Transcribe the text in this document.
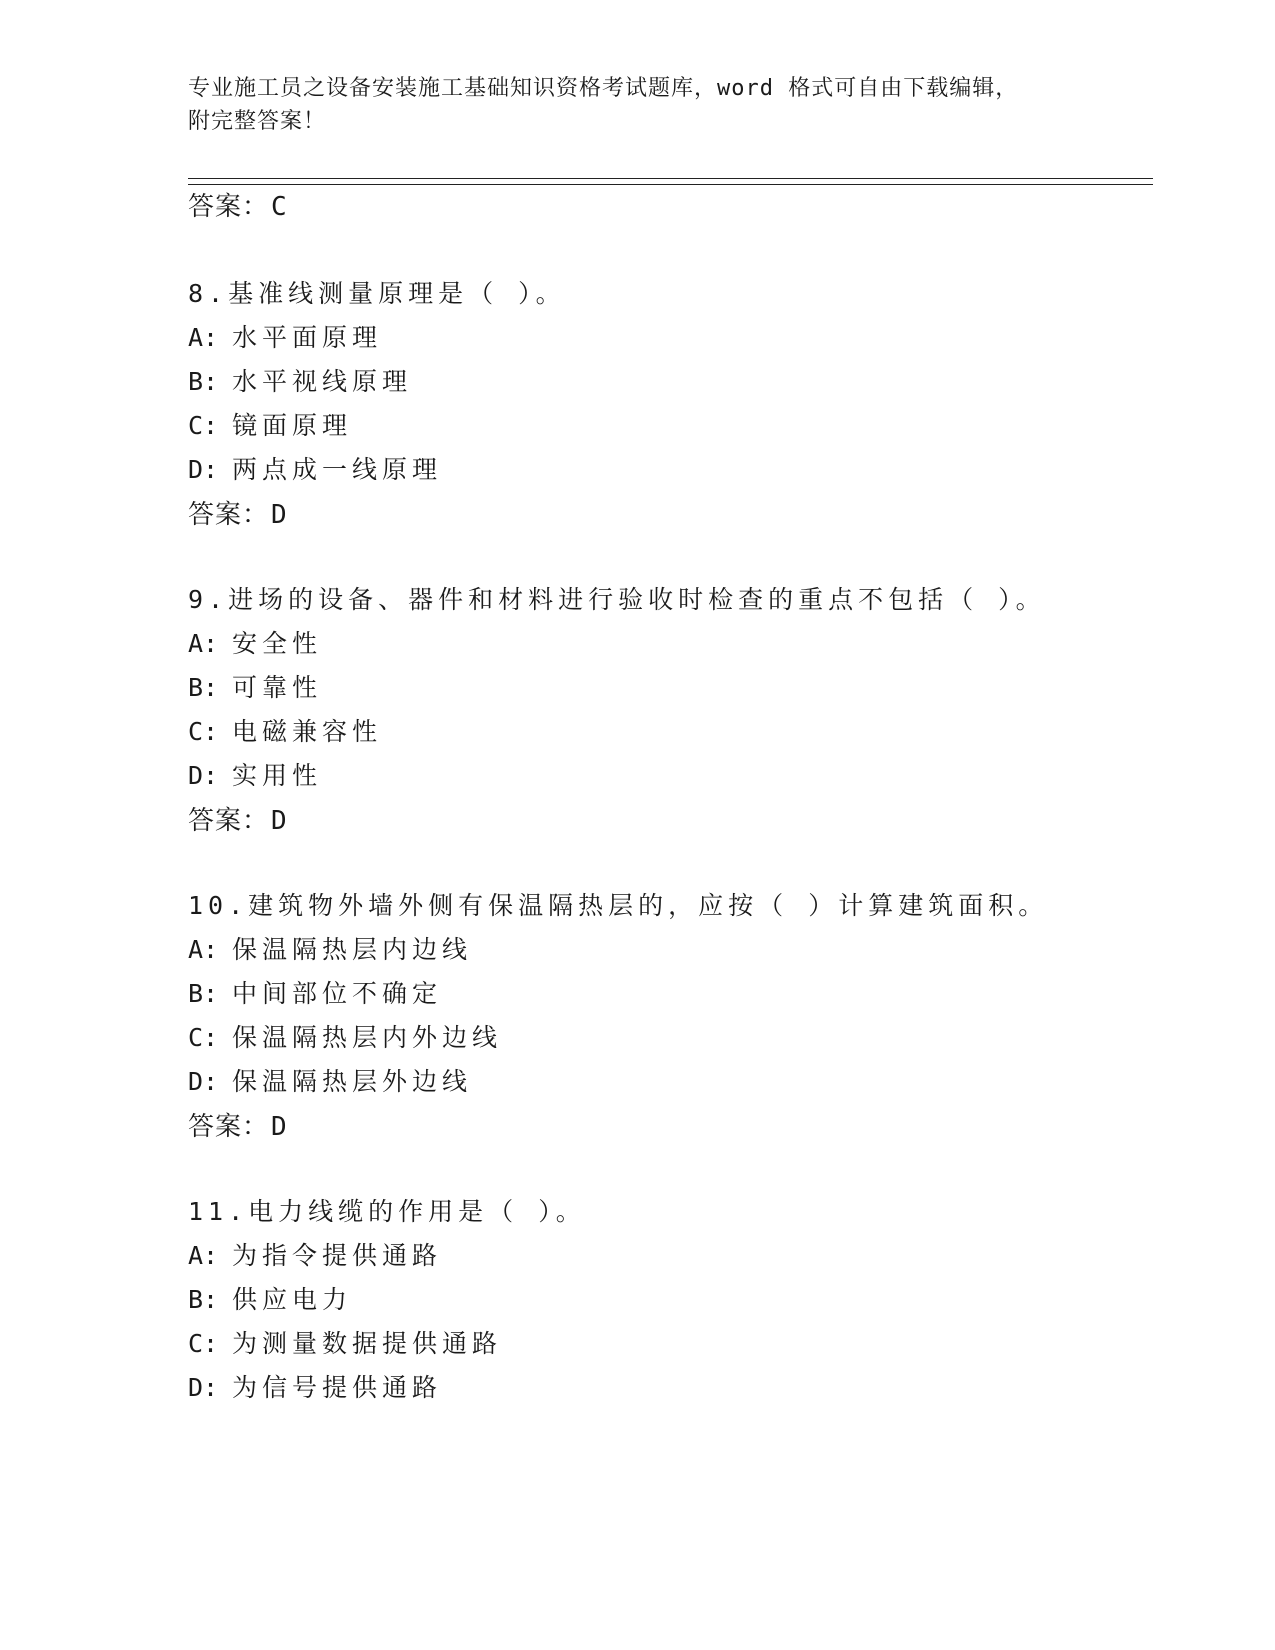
专业施工员之设备安装施工基础知识资格考试题库，word 格式可自由下载编辑，
附完整答案！
答案：C
8.基准线测量原理是（ ）。
A: 水平面原理
B: 水平视线原理
C: 镜面原理
D: 两点成一线原理
答案：D
9.进场的设备、器件和材料进行验收时检查的重点不包括（ ）。
A: 安全性
B: 可靠性
C: 电磁兼容性
D: 实用性
答案：D
10.建筑物外墙外侧有保温隔热层的，应按（ ）计算建筑面积。
A: 保温隔热层内边线
B: 中间部位不确定
C: 保温隔热层内外边线
D: 保温隔热层外边线
答案：D
11.电力线缆的作用是（ ）。
A: 为指令提供通路
B: 供应电力
C: 为测量数据提供通路
D: 为信号提供通路
